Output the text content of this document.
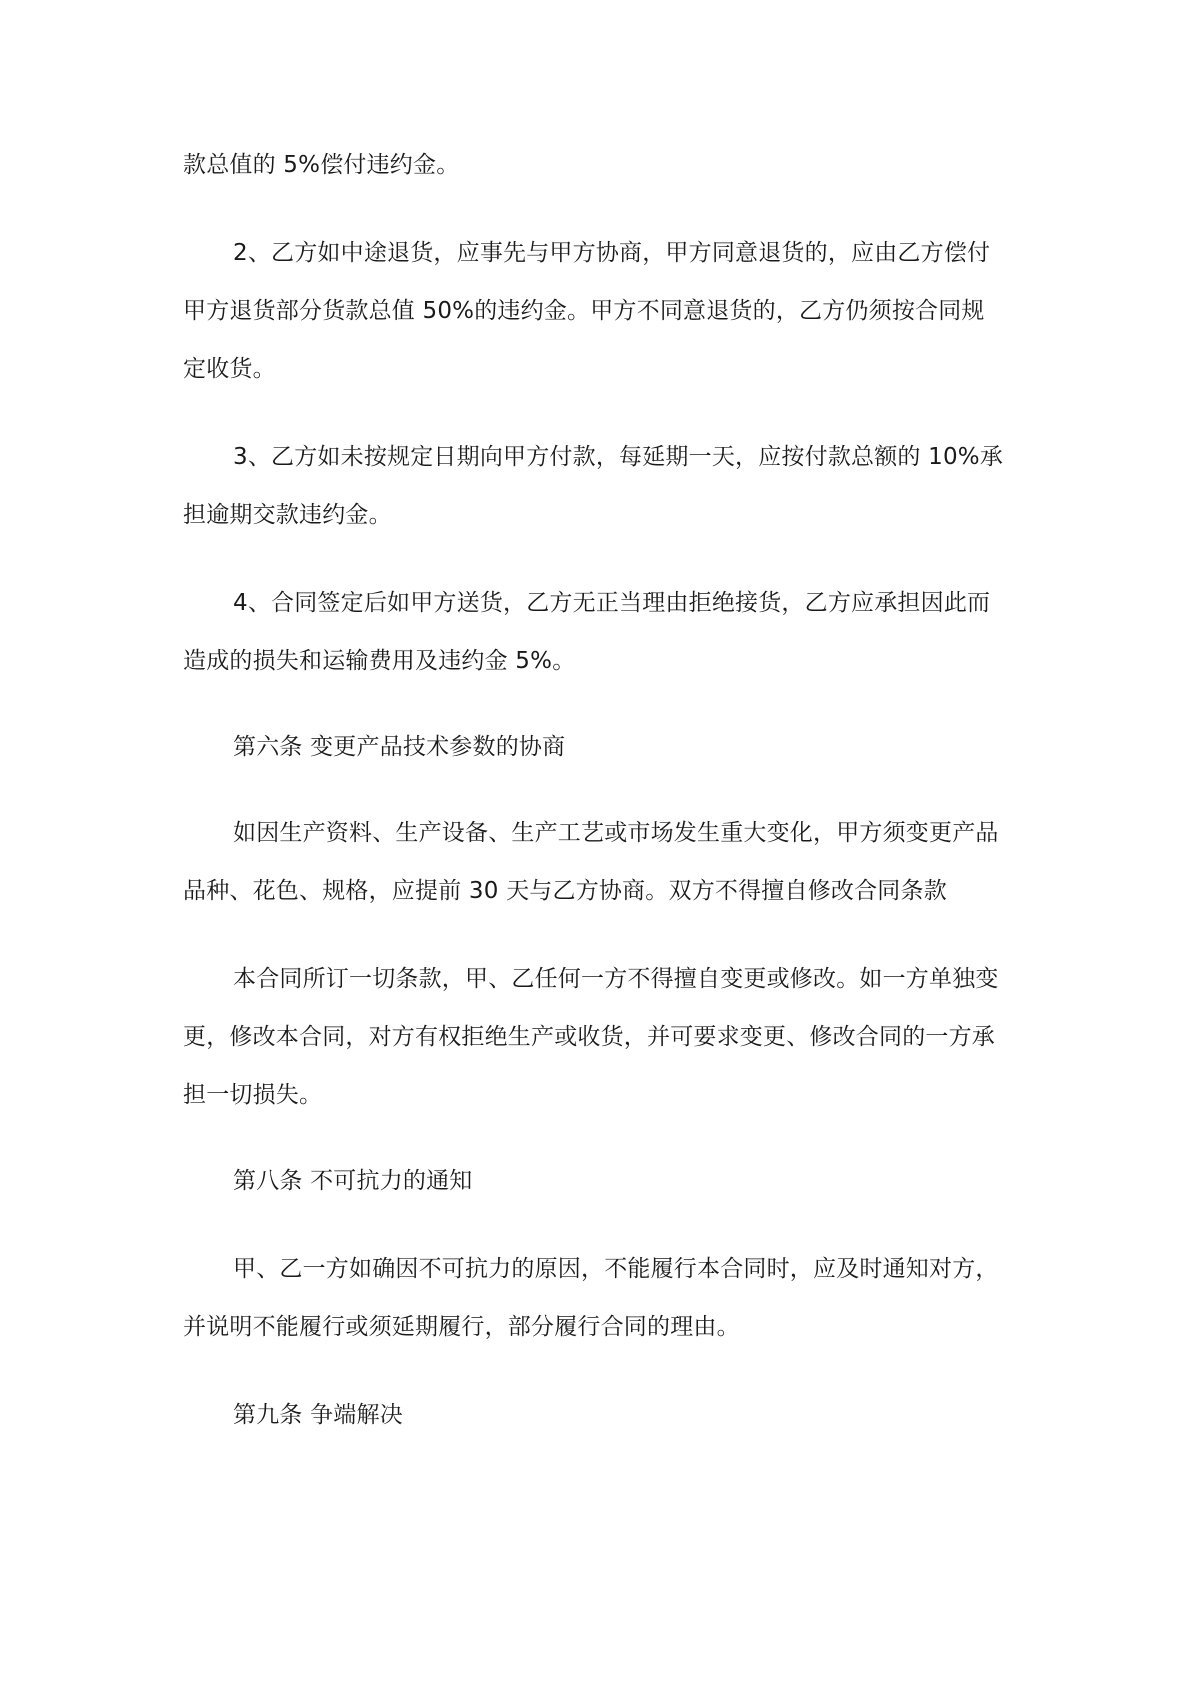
款总值的 5%偿付违约金。
2、乙方如中途退货，应事先与甲方协商，甲方同意退货的，应由乙方偿付
甲方退货部分货款总值 50%的违约金。甲方不同意退货的，乙方仍须按合同规
定收货。
3、乙方如未按规定日期向甲方付款，每延期一天，应按付款总额的 10%承
担逾期交款违约金。
4、合同签定后如甲方送货，乙方无正当理由拒绝接货，乙方应承担因此而
造成的损失和运输费用及违约金 5%。
第六条 变更产品技术参数的协商
如因生产资料、生产设备、生产工艺或市场发生重大变化，甲方须变更产品
品种、花色、规格，应提前 30 天与乙方协商。双方不得擅自修改合同条款
本合同所订一切条款，甲、乙任何一方不得擅自变更或修改。如一方单独变
更，修改本合同，对方有权拒绝生产或收货，并可要求变更、修改合同的一方承
担一切损失。
第八条 不可抗力的通知
甲、乙一方如确因不可抗力的原因，不能履行本合同时，应及时通知对方，
并说明不能履行或须延期履行，部分履行合同的理由。
第九条 争端解决
